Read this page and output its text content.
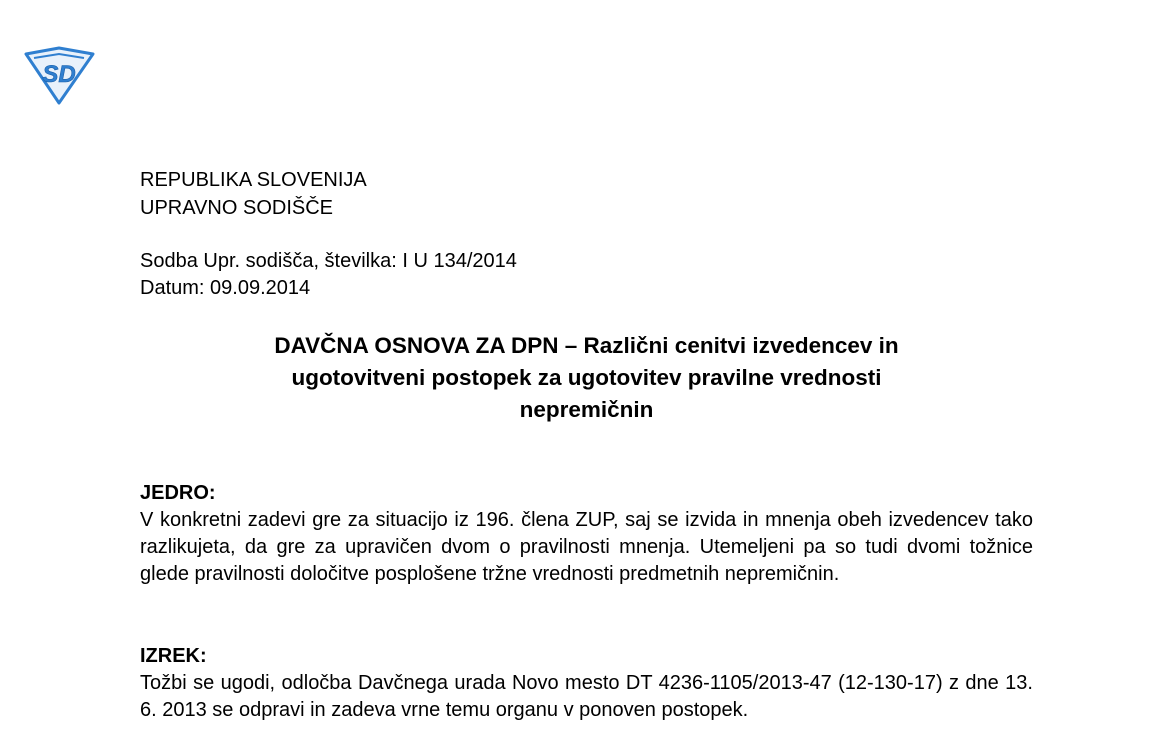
SD
REPUBLIKA SLOVENIJA
UPRAVNO SODIŠČE
Sodba Upr. sodišča, številka: I U 134/2014
Datum: 09.09.2014
DAVČNA OSNOVA ZA DPN – Različni cenitvi izvedencev in
ugotovitveni postopek za ugotovitev pravilne vrednosti
nepremičnin
JEDRO:

V konkretni zadevi gre za situacijo iz 196. člena ZUP, saj se izvida in mnenja obeh izvedencev tako razlikujeta, da gre za upravičen dvom o pravilnosti mnenja. Utemeljeni pa so tudi dvomi tožnice glede pravilnosti določitve posplošene tržne vrednosti predmetnih nepremičnin.

IZREK:

Tožbi se ugodi, odločba Davčnega urada Novo mesto DT 4236-1105/2013-47 (12-130-17) z dne 13. 6. 2013 se odpravi in zadeva vrne temu organu v ponoven postopek.
